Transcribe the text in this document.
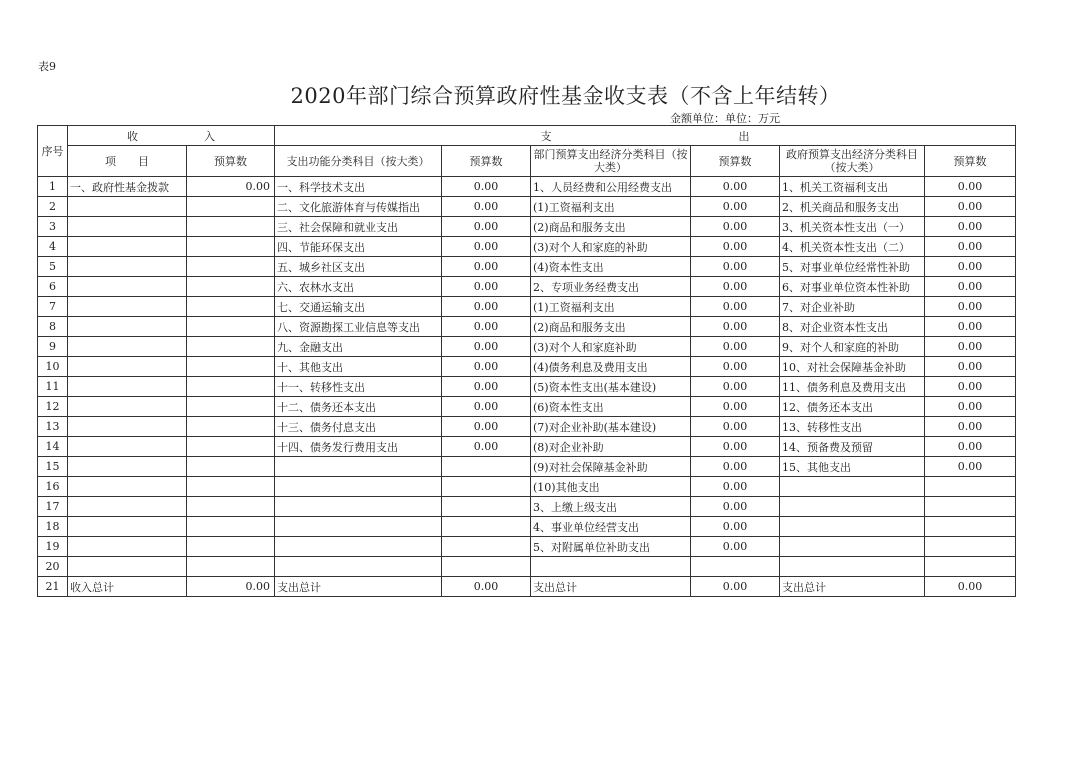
表9
2020年部门综合预算政府性基金收支表（不含上年结转）
金额单位：单位：万元
序号	收　　　　　　入		支　　　　　　　　　　　　　　　　　出					
	项　　目	预算数	支出功能分类科目（按大类）	预算数	部门预算支出经济分类科目（按大类）	预算数	政府预算支出经济分类科目（按大类）	预算数
1	一、政府性基金拨款	0.00	一、科学技术支出	0.00	1、人员经费和公用经费支出	0.00	1、机关工资福利支出	0.00
2			二、文化旅游体育与传媒指出	0.00	(1)工资福利支出	0.00	2、机关商品和服务支出	0.00
3			三、社会保障和就业支出	0.00	(2)商品和服务支出	0.00	3、机关资本性支出（一）	0.00
4			四、节能环保支出	0.00	(3)对个人和家庭的补助	0.00	4、机关资本性支出（二）	0.00
5			五、城乡社区支出	0.00	(4)资本性支出	0.00	5、对事业单位经常性补助	0.00
6			六、农林水支出	0.00	2、专项业务经费支出	0.00	6、对事业单位资本性补助	0.00
7			七、交通运输支出	0.00	(1)工资福利支出	0.00	7、对企业补助	0.00
8			八、资源勘探工业信息等支出	0.00	(2)商品和服务支出	0.00	8、对企业资本性支出	0.00
9			九、金融支出	0.00	(3)对个人和家庭补助	0.00	9、对个人和家庭的补助	0.00
10			十、其他支出	0.00	(4)债务利息及费用支出	0.00	10、对社会保障基金补助	0.00
11			十一、转移性支出	0.00	(5)资本性支出(基本建设)	0.00	11、债务利息及费用支出	0.00
12			十二、债务还本支出	0.00	(6)资本性支出	0.00	12、债务还本支出	0.00
13			十三、债务付息支出	0.00	(7)对企业补助(基本建设)	0.00	13、转移性支出	0.00
14			十四、债务发行费用支出	0.00	(8)对企业补助	0.00	14、预备费及预留	0.00
15					(9)对社会保障基金补助	0.00	15、其他支出	0.00
16					(10)其他支出	0.00		
17					3、上缴上级支出	0.00		
18					4、事业单位经营支出	0.00		
19					5、对附属单位补助支出	0.00		
20								
21	收入总计	0.00	支出总计	0.00	支出总计	0.00	支出总计	0.00
